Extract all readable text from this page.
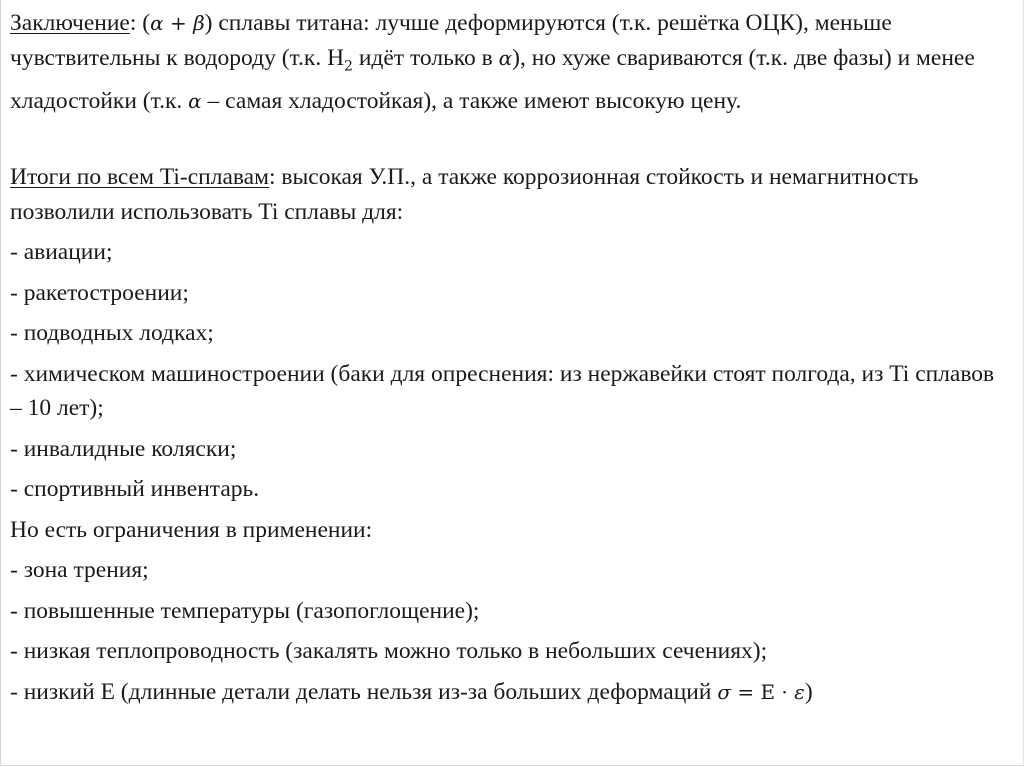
Заключение: (α + β) сплавы титана: лучше деформируются (т.к. решётка ОЦК), меньше чувствительны к водороду (т.к. $H_2$ идёт только в α), но хуже свариваются (т.к. две фазы) и менее хладостойки (т.к. α – самая хладостойкая), а также имеют высокую цену.

Итоги по всем Ti-сплавам: высокая У.П., а также коррозионная стойкость и немагнитность позволили использовать Ti сплавы для:

- авиации;

- ракетостроении;

- подводных лодках;

- химическом машиностроении (баки для опреснения: из нержавейки стоят полгода, из Ti сплавов – 10 лет);

- инвалидные коляски;

- спортивный инвентарь.

Но есть ограничения в применении:

- зона трения;

- повышенные температуры (газопоглощение);

- низкая теплопроводность (закалять можно только в небольших сечениях);

- низкий Е (длинные детали делать нельзя из-за больших деформаций σ = E · ε)
